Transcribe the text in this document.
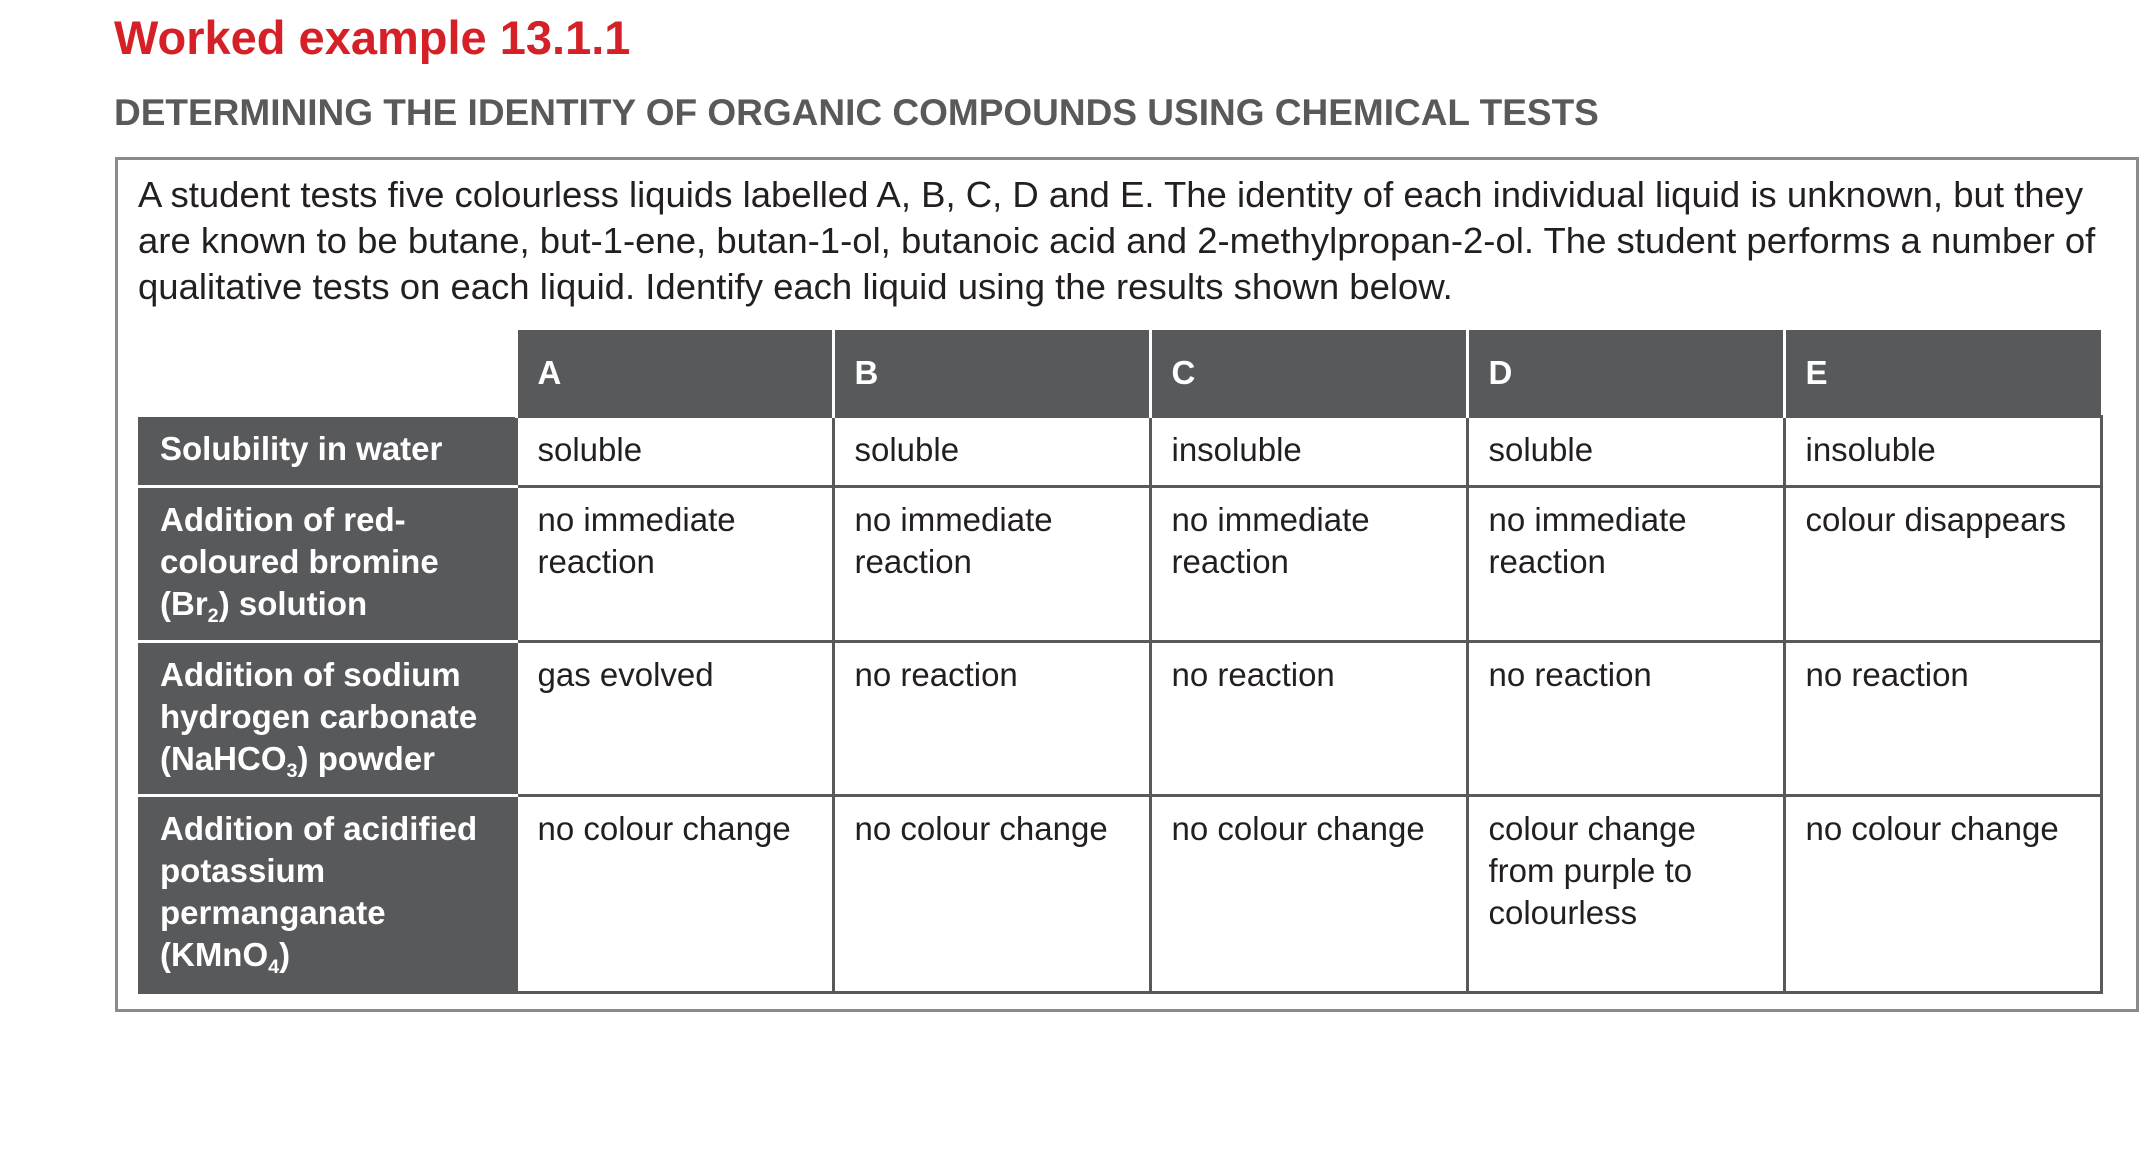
Worked example 13.1.1
DETERMINING THE IDENTITY OF ORGANIC COMPOUNDS USING CHEMICAL TESTS

A student tests five colourless liquids labelled A, B, C, D and E. The identity of each individual liquid is unknown, but they

are known to be butane, but-1-ene, butan-1-ol, butanoic acid and 2-methylpropan-2-ol. The student performs a number of

qualitative tests on each liquid. Identify each liquid using the results shown below.

	A	B	C	D	E
Solubility in water	soluble	soluble	insoluble	soluble	insoluble
Addition of red-coloured bromine $(Br_2)$ solution	no immediate reaction	no immediate reaction	no immediate reaction	no immediate reaction	colour disappears
Addition of sodium hydrogen carbonate (NaHCO$_3$) powder	gas evolved	no reaction	no reaction	no reaction	no reaction
Addition of acidified potassium permanganate (KMnO$_4$)	no colour change	no colour change	no colour change	colour change from purple to colourless	no colour change
